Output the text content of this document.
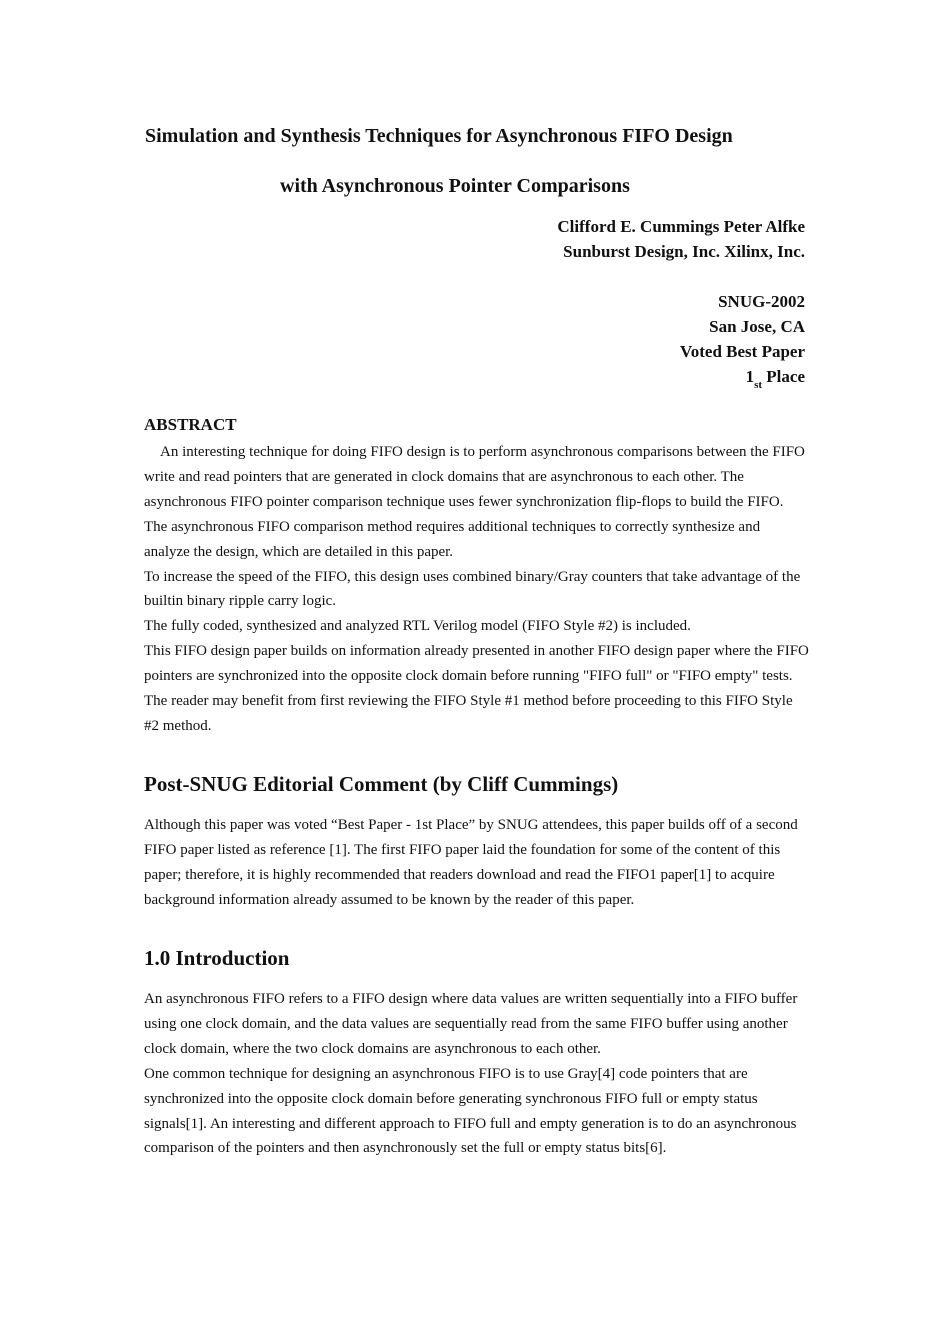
Simulation and Synthesis Techniques for Asynchronous FIFO Design
with Asynchronous Pointer Comparisons
Clifford E. Cummings Peter Alfke
Sunburst Design, Inc. Xilinx, Inc.
SNUG-2002
San Jose, CA
Voted Best Paper
$1_{st}$ Place
ABSTRACT

An interesting technique for doing FIFO design is to perform asynchronous comparisons between the FIFO write and read pointers that are generated in clock domains that are asynchronous to each other. The asynchronous FIFO pointer comparison technique uses fewer synchronization flip-flops to build the FIFO. The asynchronous FIFO comparison method requires additional techniques to correctly synthesize and analyze the design, which are detailed in this paper.

To increase the speed of the FIFO, this design uses combined binary/Gray counters that take advantage of the builtin binary ripple carry logic.

The fully coded, synthesized and analyzed RTL Verilog model (FIFO Style #2) is included.

This FIFO design paper builds on information already presented in another FIFO design paper where the FIFO pointers are synchronized into the opposite clock domain before running "FIFO full" or "FIFO empty" tests. The reader may benefit from first reviewing the FIFO Style #1 method before proceeding to this FIFO Style #2 method.

Post-SNUG Editorial Comment (by Cliff Cummings)

Although this paper was voted “Best Paper - 1st Place” by SNUG attendees, this paper builds off of a second FIFO paper listed as reference [1]. The first FIFO paper laid the foundation for some of the content of this paper; therefore, it is highly recommended that readers download and read the FIFO1 paper[1] to acquire background information already assumed to be known by the reader of this paper.

1.0 Introduction

An asynchronous FIFO refers to a FIFO design where data values are written sequentially into a FIFO buffer using one clock domain, and the data values are sequentially read from the same FIFO buffer using another clock domain, where the two clock domains are asynchronous to each other.

One common technique for designing an asynchronous FIFO is to use Gray[4] code pointers that are synchronized into the opposite clock domain before generating synchronous FIFO full or empty status signals[1]. An interesting and different approach to FIFO full and empty generation is to do an asynchronous comparison of the pointers and then asynchronously set the full or empty status bits[6].
